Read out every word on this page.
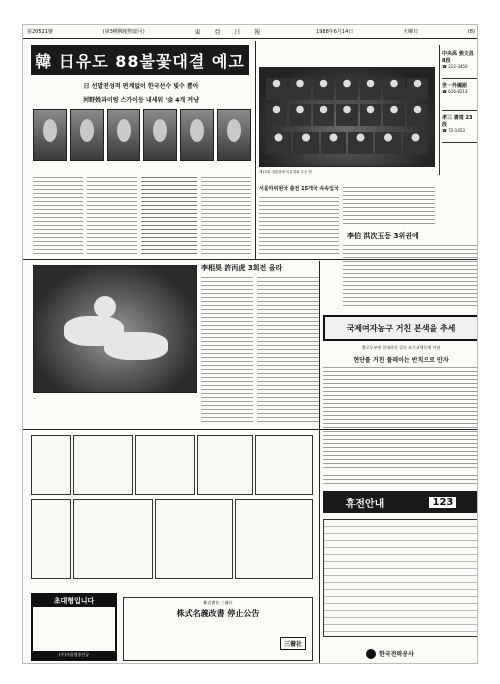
第20521號	(第3種郵便物認可)	東 亞 日 報	1988年6月14日	火曜日	(8)
韓 日유도 88불꽃대결 예고
日 선발전성적 편계없이 한국선수 빛수 뽑아
河野姓과미럼 스가이등 내세워 '金 4개 겨냥
제23회 대통령배 씨름대회 우승 팀
中央高 強文昌 8段
☎ 222-3450
世一外國語
☎ 616-8213
孝三 書道 23段
☎ 72-1453
서울하위원국 출전 15개국 속속입국
李伯 洪次玉등 3위권에
李相昊 許丙虎 3회전 올라
...
국제여자농구 거친 본색을 추세
출로동부에 천재하의 질러 조기교체등에 이념
현단를 거친 풀레이는 반칙으로 안자
휴전안내	123
초대형입니다
(주)서울방송인공
株式會社 三養社
株式名義改書 停止公告
三養社
한국전력공사
